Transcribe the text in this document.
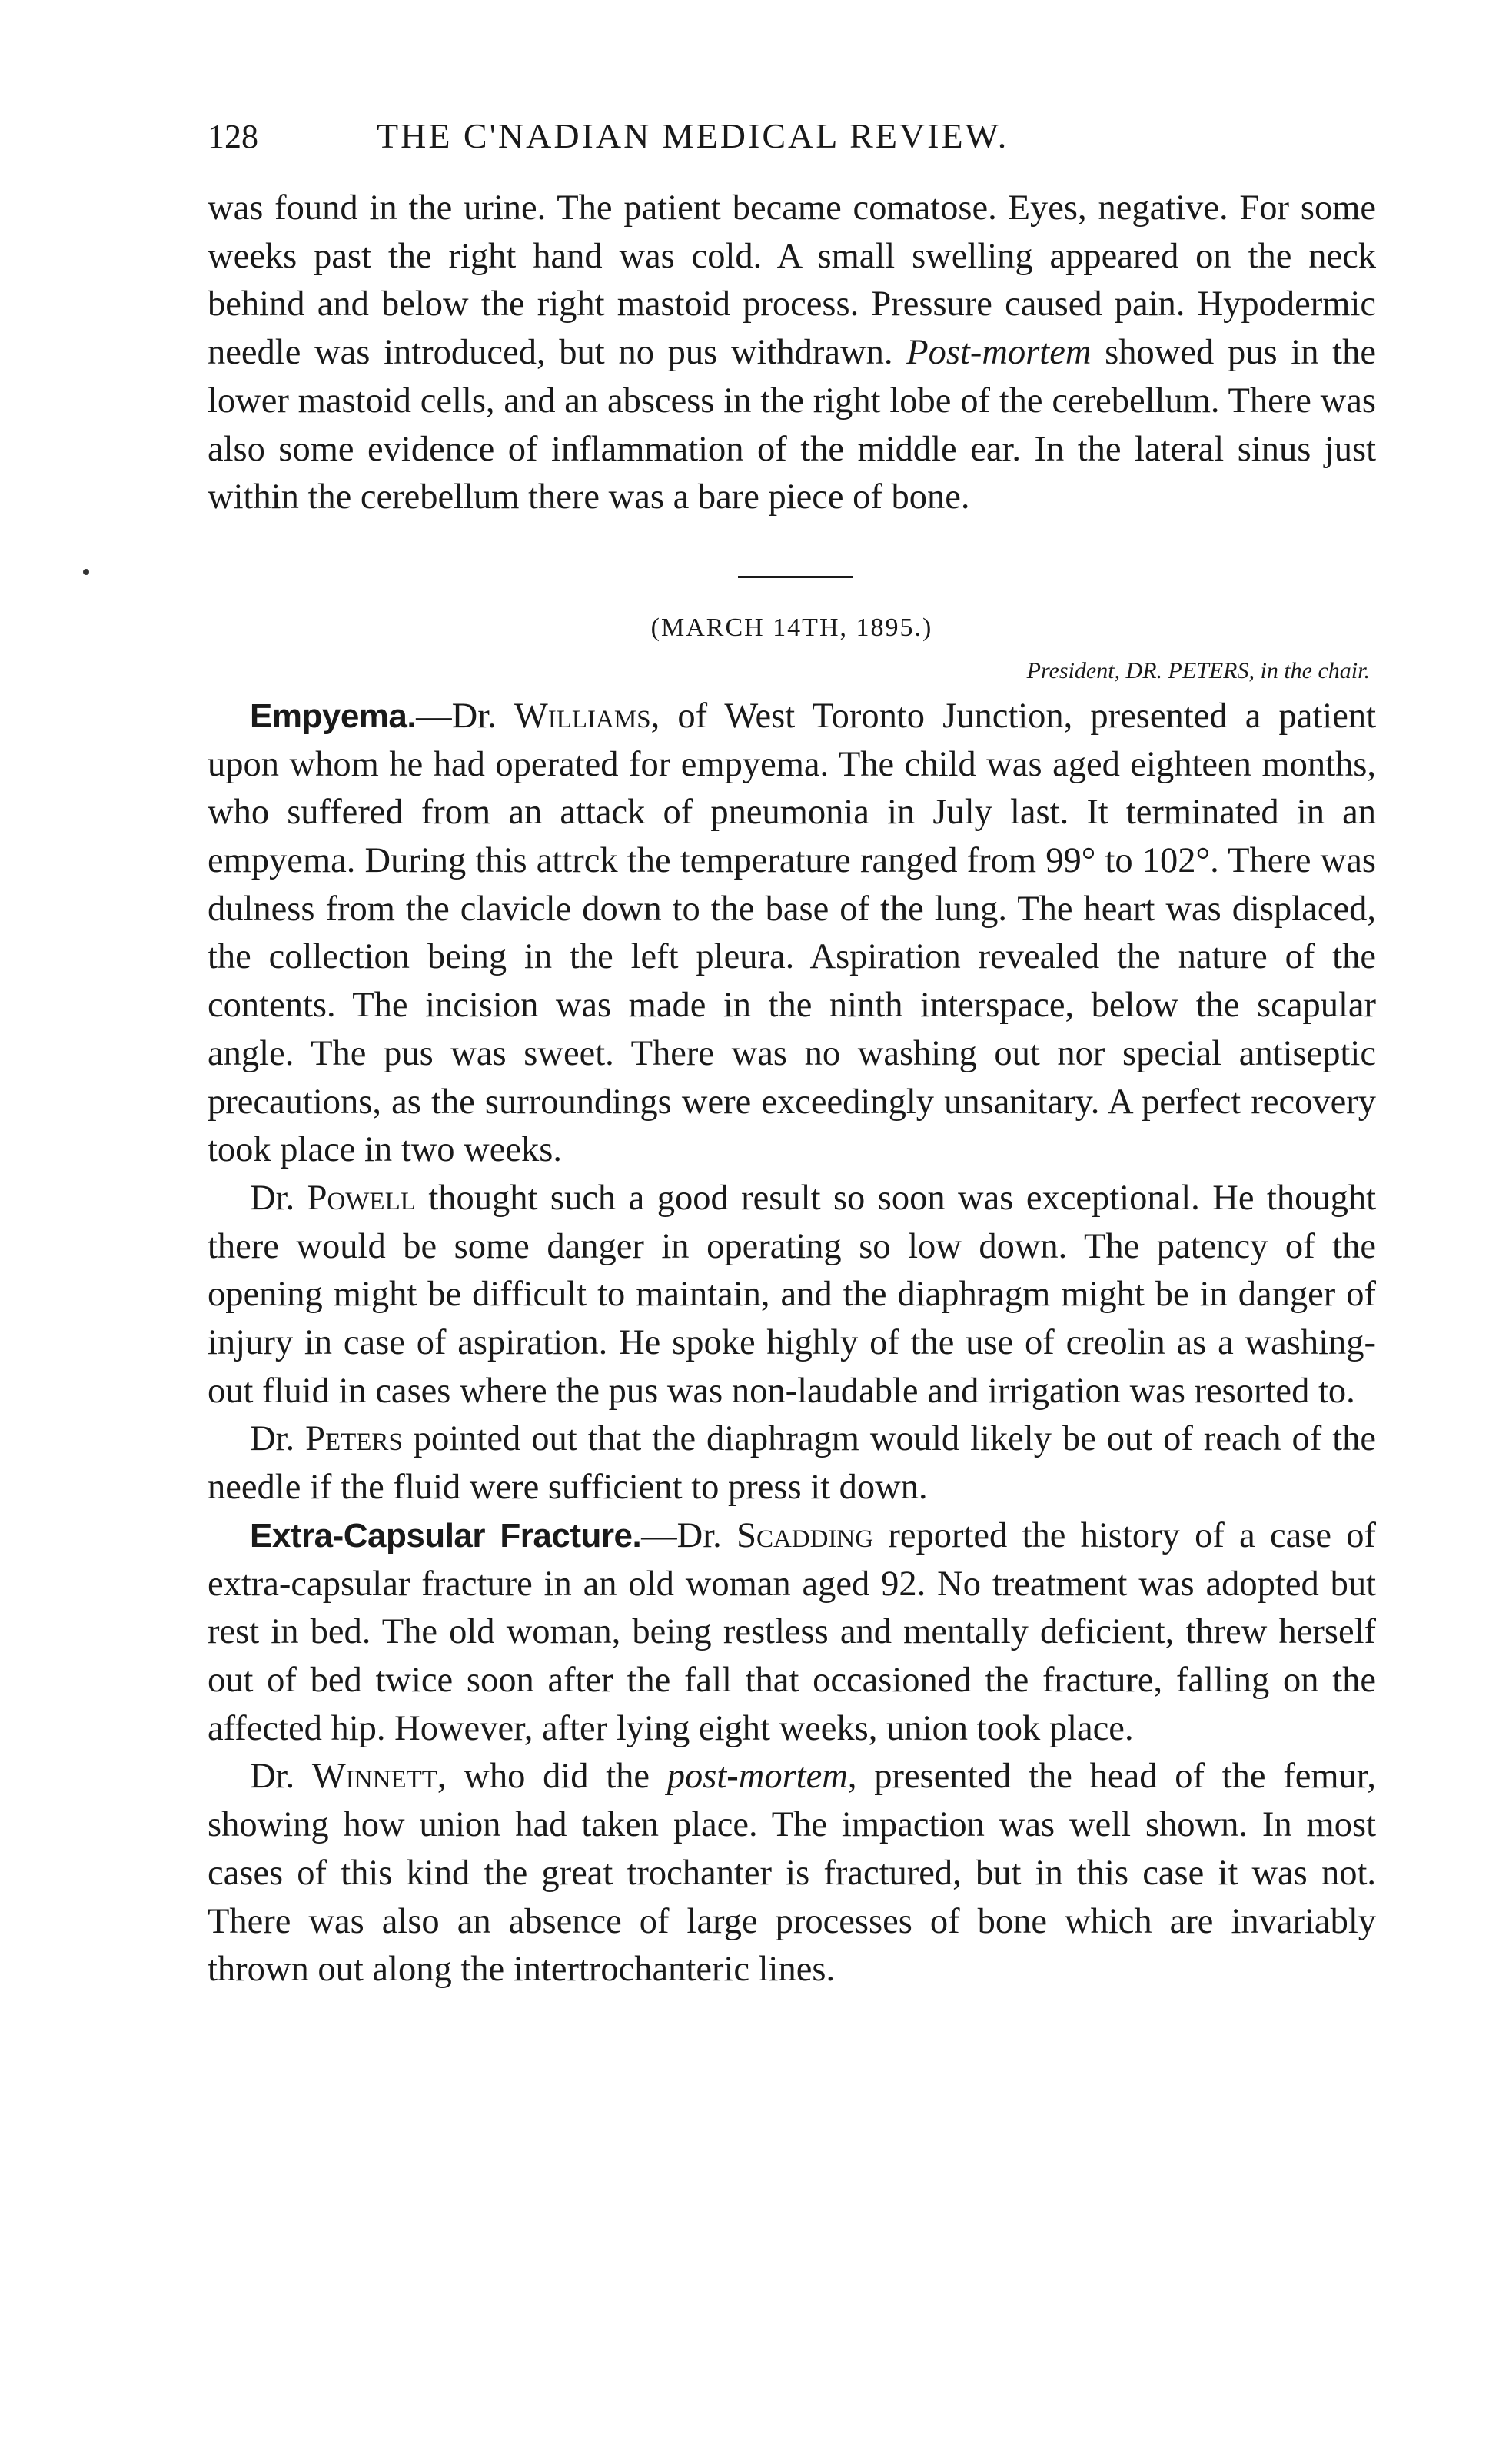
128	THE C'NADIAN MEDICAL REVIEW.

was found in the urine. The patient became comatose. Eyes, negative. For some weeks past the right hand was cold. A small swelling appeared on the neck behind and below the right mastoid process. Pressure caused pain. Hypodermic needle was introduced, but no pus withdrawn. Post-mortem showed pus in the lower mastoid cells, and an abscess in the right lobe of the cerebellum. There was also some evidence of inflammation of the middle ear. In the lateral sinus just within the cerebellum there was a bare piece of bone.

(MARCH 14TH, 1895.)

President, DR. PETERS, in the chair.

Empyema.—Dr. Williams, of West Toronto Junction, presented a patient upon whom he had operated for empyema. The child was aged eighteen months, who suffered from an attack of pneumonia in July last. It terminated in an empyema. During this attrck the temperature ranged from 99° to 102°. There was dulness from the clavicle down to the base of the lung. The heart was displaced, the collection being in the left pleura. Aspiration revealed the nature of the contents. The incision was made in the ninth interspace, below the scapular angle. The pus was sweet. There was no washing out nor special antiseptic precautions, as the surroundings were exceedingly unsanitary. A perfect recovery took place in two weeks.

Dr. Powell thought such a good result so soon was exceptional. He thought there would be some danger in operating so low down. The patency of the opening might be difficult to maintain, and the diaphragm might be in danger of injury in case of aspiration. He spoke highly of the use of creolin as a washing-out fluid in cases where the pus was non-laudable and irrigation was resorted to.

Dr. Peters pointed out that the diaphragm would likely be out of reach of the needle if the fluid were sufficient to press it down.

Extra-Capsular Fracture.—Dr. Scadding reported the history of a case of extra-capsular fracture in an old woman aged 92. No treatment was adopted but rest in bed. The old woman, being restless and mentally deficient, threw herself out of bed twice soon after the fall that occasioned the fracture, falling on the affected hip. However, after lying eight weeks, union took place.

Dr. Winnett, who did the post-mortem, presented the head of the femur, showing how union had taken place. The impaction was well shown. In most cases of this kind the great trochanter is fractured, but in this case it was not. There was also an absence of large processes of bone which are invariably thrown out along the intertrochanteric lines.
